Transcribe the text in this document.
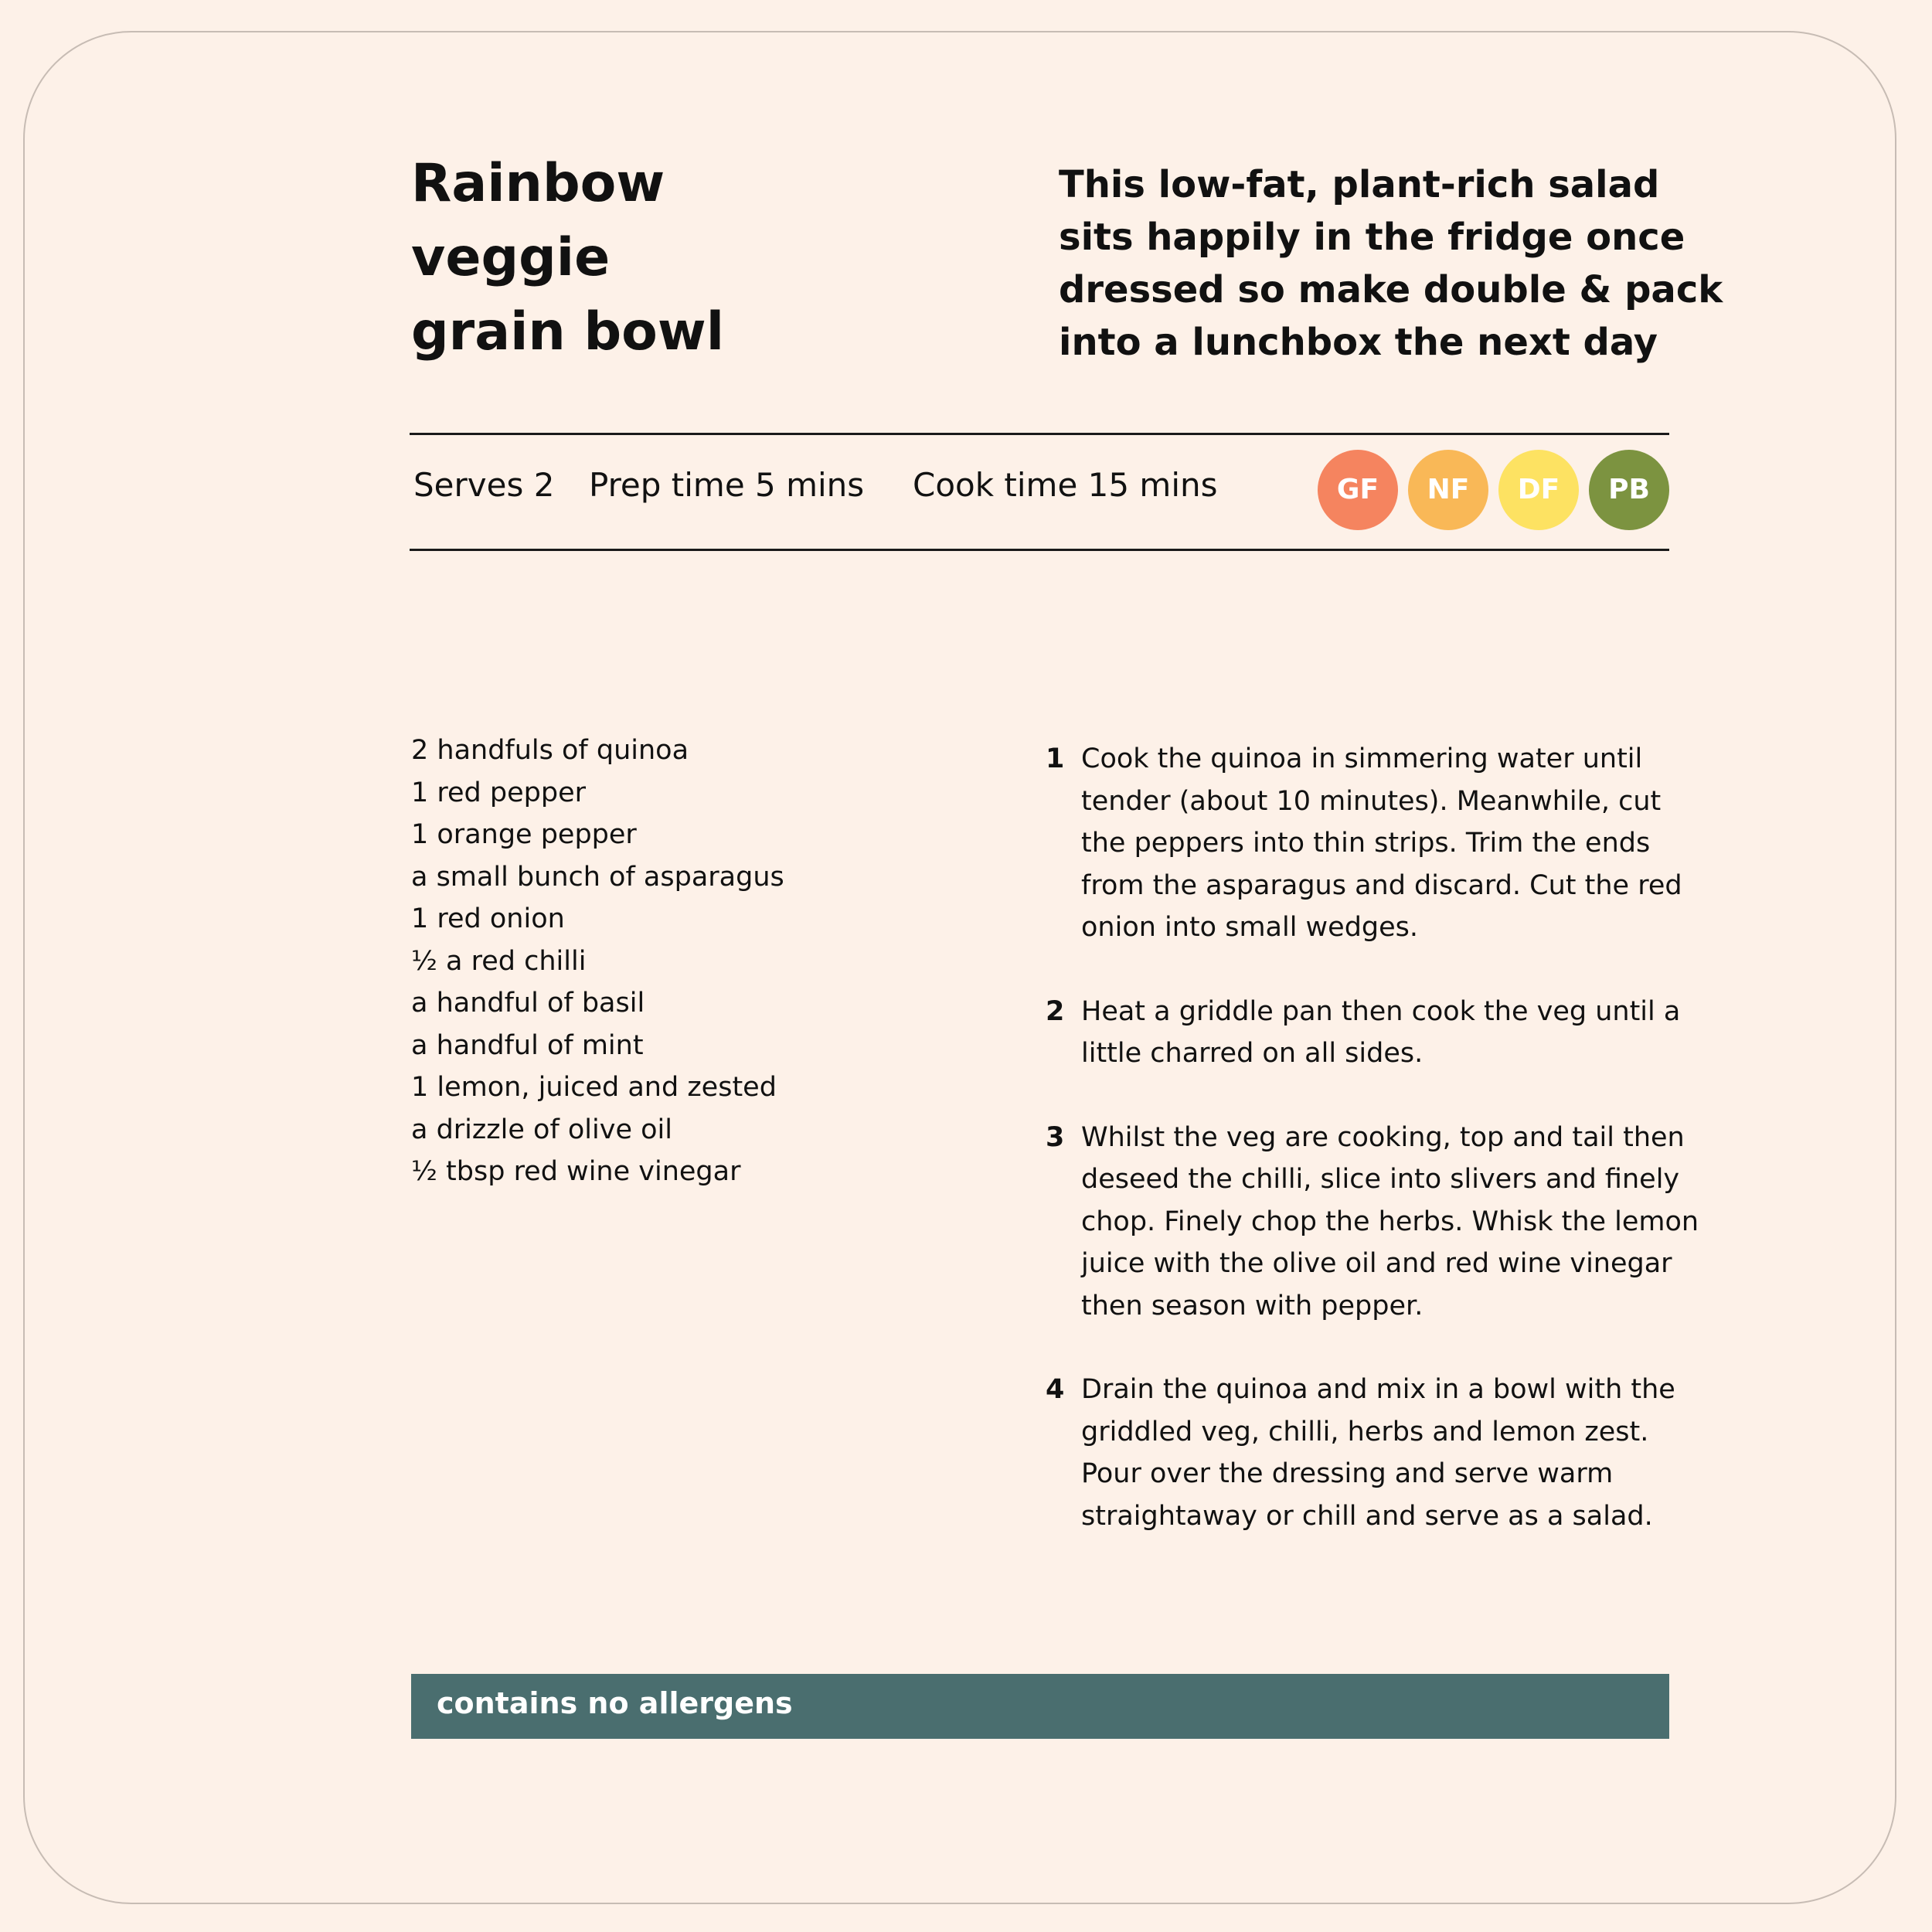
Rainbow
veggie
grain bowl

This low-fat, plant-rich salad sits happily in the fridge once dressed so make double & pack into a lunchbox the next day

Serves 2 Prep time 5 mins Cook time 15 mins	GF	NF	DF	PB
2 handfuls of quinoa
1 red pepper
1 orange pepper
a small bunch of asparagus
1 red onion
½ a red chilli
a handful of basil
a handful of mint
1 lemon, juiced and zested
a drizzle of olive oil
½ tbsp red wine vinegar
1 Cook the quinoa in simmering water until tender (about 10 minutes). Meanwhile, cut the peppers into thin strips. Trim the ends from the asparagus and discard. Cut the red onion into small wedges.
2 Heat a griddle pan then cook the veg until a little charred on all sides.
3 Whilst the veg are cooking, top and tail then deseed the chilli, slice into slivers and finely chop. Finely chop the herbs. Whisk the lemon juice with the olive oil and red wine vinegar then season with pepper.
4 Drain the quinoa and mix in a bowl with the griddled veg, chilli, herbs and lemon zest. Pour over the dressing and serve warm straightaway or chill and serve as a salad.
contains no allergens
